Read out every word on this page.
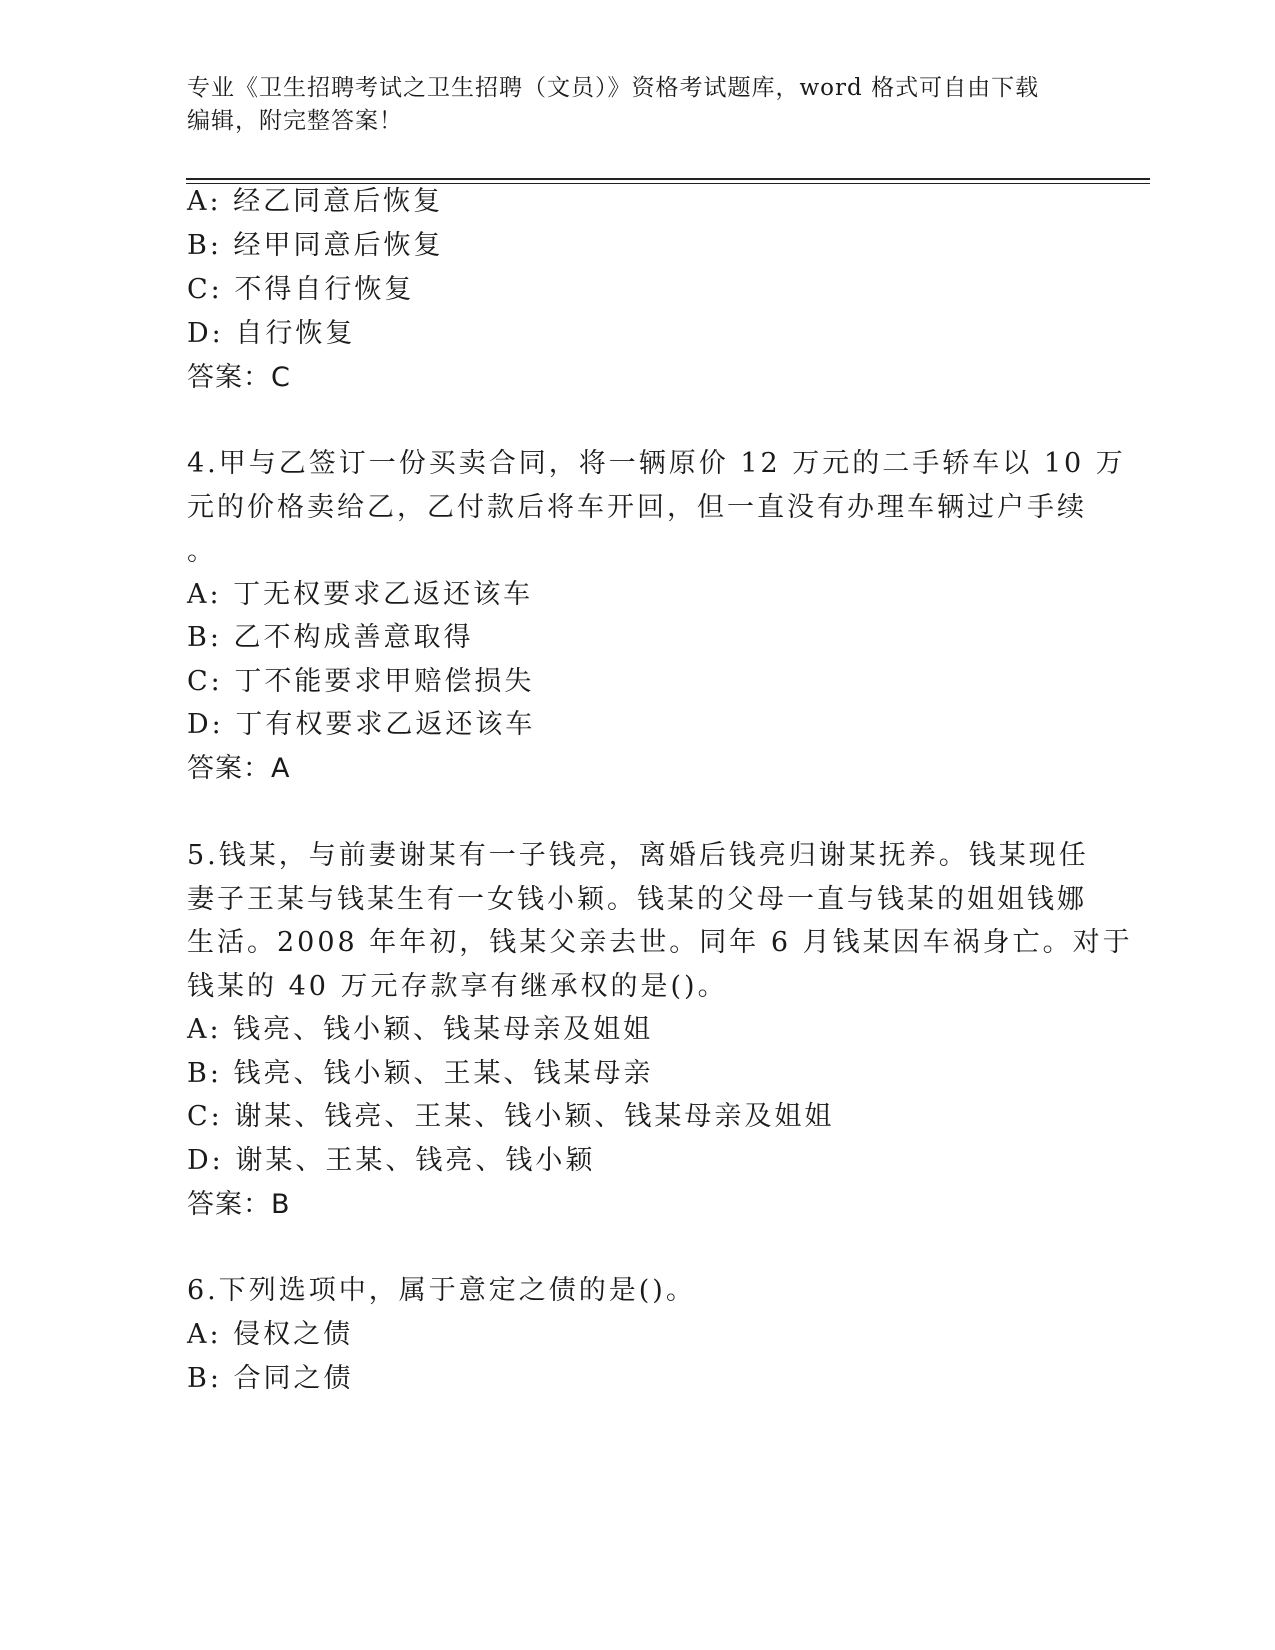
专业《卫生招聘考试之卫生招聘（文员）》资格考试题库，word 格式可自由下载
编辑，附完整答案！
A: 经乙同意后恢复
B: 经甲同意后恢复
C: 不得自行恢复
D: 自行恢复
答案：C
4.甲与乙签订一份买卖合同，将一辆原价 12 万元的二手轿车以 10 万
元的价格卖给乙，乙付款后将车开回，但一直没有办理车辆过户手续
。
A: 丁无权要求乙返还该车
B: 乙不构成善意取得
C: 丁不能要求甲赔偿损失
D: 丁有权要求乙返还该车
答案：A
5.钱某，与前妻谢某有一子钱亮，离婚后钱亮归谢某抚养。钱某现任
妻子王某与钱某生有一女钱小颖。钱某的父母一直与钱某的姐姐钱娜
生活。2008 年年初，钱某父亲去世。同年 6 月钱某因车祸身亡。对于
钱某的 40 万元存款享有继承权的是()。
A: 钱亮、钱小颖、钱某母亲及姐姐
B: 钱亮、钱小颖、王某、钱某母亲
C: 谢某、钱亮、王某、钱小颖、钱某母亲及姐姐
D: 谢某、王某、钱亮、钱小颖
答案：B
6.下列选项中，属于意定之债的是()。
A: 侵权之债
B: 合同之债
